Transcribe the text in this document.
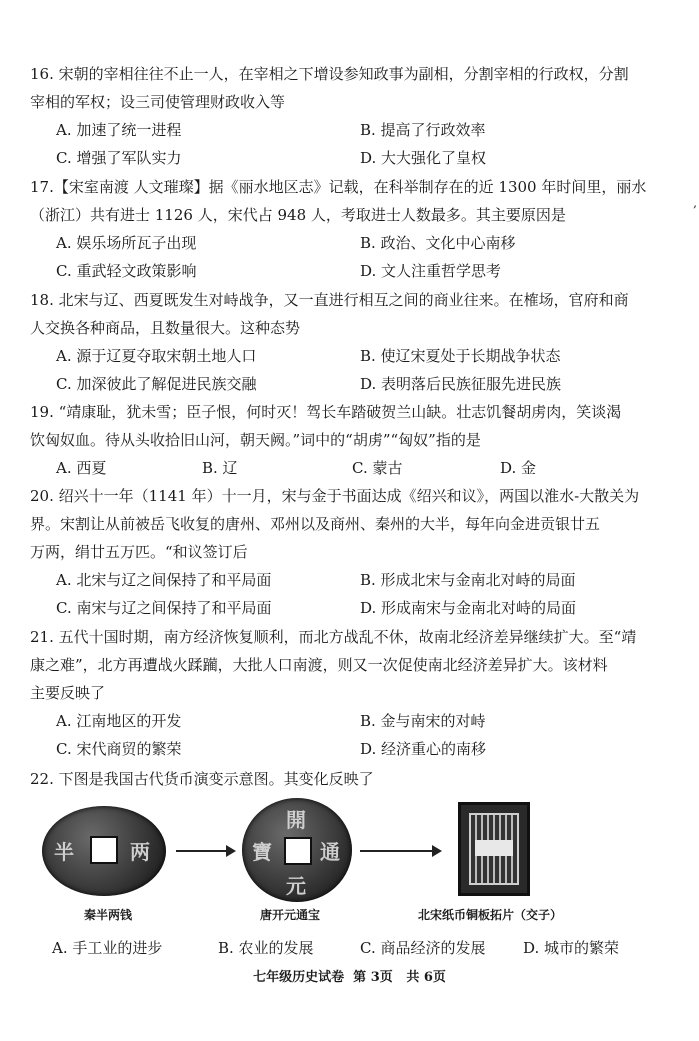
16. 宋朝的宰相往往不止一人，在宰相之下增设参知政事为副相，分割宰相的行政权，分割
宰相的军权；设三司使管理财政收入等
A. 加速了统一进程	B. 提高了行政效率
C. 增强了军队实力	D. 大大强化了皇权
17.【宋室南渡 人文璀璨】据《丽水地区志》记载，在科举制存在的近 1300 年时间里，丽水
（浙江）共有进士 1126 人，宋代占 948 人，考取进士人数最多。其主要原因是
A. 娱乐场所瓦子出现	B. 政治、文化中心南移
C. 重武轻文政策影响	D. 文人注重哲学思考
18. 北宋与辽、西夏既发生对峙战争，又一直进行相互之间的商业往来。在榷场，官府和商
人交换各种商品，且数量很大。这种态势
A. 源于辽夏夺取宋朝土地人口	B. 使辽宋夏处于长期战争状态
C. 加深彼此了解促进民族交融	D. 表明落后民族征服先进民族
19. “靖康耻，犹未雪；臣子恨，何时灭！驾长车踏破贺兰山缺。壮志饥餐胡虏肉，笑谈渴
饮匈奴血。待从头收拾旧山河，朝天阙。”词中的“胡虏”“匈奴”指的是
A. 西夏	B. 辽	C. 蒙古	D. 金
20. 绍兴十一年（1141 年）十一月，宋与金于书面达成《绍兴和议》，两国以淮水-大散关为
界。宋割让从前被岳飞收复的唐州、邓州以及商州、秦州的大半，每年向金进贡银廿五
万两，绢廿五万匹。“和议签订后
A. 北宋与辽之间保持了和平局面	B. 形成北宋与金南北对峙的局面
C. 南宋与辽之间保持了和平局面	D. 形成南宋与金南北对峙的局面
21. 五代十国时期，南方经济恢复顺利，而北方战乱不休，故南北经济差异继续扩大。至“靖
康之难”，北方再遭战火蹂躏，大批人口南渡，则又一次促使南北经济差异扩大。该材料
主要反映了
A. 江南地区的开发	B. 金与南宋的对峙
C. 宋代商贸的繁荣	D. 经济重心的南移
22. 下图是我国古代货币演变示意图。其变化反映了
半	两
開
元
通
寶
秦半两钱	唐开元通宝	北宋纸币铜板拓片（交子）
A. 手工业的进步	B. 农业的发展	C. 商品经济的发展	D. 城市的繁荣
七年级历史试卷 第 3页 共 6页
,
